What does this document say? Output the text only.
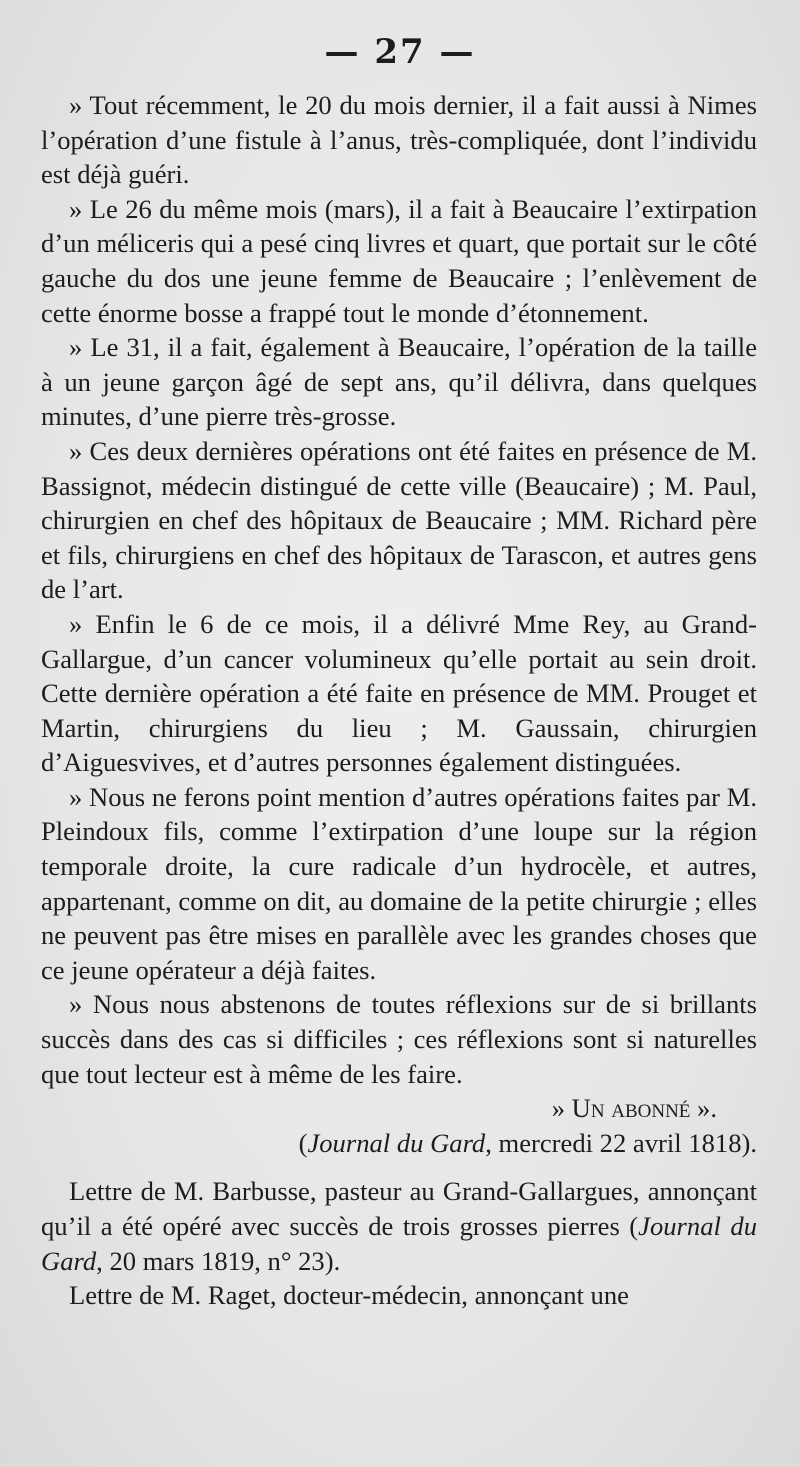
— 27 —

» Tout récemment, le 20 du mois dernier, il a fait aussi à Nimes l’opération d’une fistule à l’anus, très-compliquée, dont l’individu est déjà guéri.

» Le 26 du même mois (mars), il a fait à Beaucaire l’extirpation d’un méliceris qui a pesé cinq livres et quart, que portait sur le côté gauche du dos une jeune femme de Beaucaire ; l’enlèvement de cette énorme bosse a frappé tout le monde d’étonnement.

» Le 31, il a fait, également à Beaucaire, l’opération de la taille à un jeune garçon âgé de sept ans, qu’il délivra, dans quelques minutes, d’une pierre très-grosse.

» Ces deux dernières opérations ont été faites en présence de M. Bassignot, médecin distingué de cette ville (Beaucaire) ; M. Paul, chirurgien en chef des hôpitaux de Beaucaire ; MM. Richard père et fils, chirurgiens en chef des hôpitaux de Tarascon, et autres gens de l’art.

» Enfin le 6 de ce mois, il a délivré Mme Rey, au Grand-Gallargue, d’un cancer volumineux qu’elle portait au sein droit. Cette dernière opération a été faite en présence de MM. Prouget et Martin, chirurgiens du lieu ; M. Gaussain, chirurgien d’Aiguesvives, et d’autres personnes également distinguées.

» Nous ne ferons point mention d’autres opérations faites par M. Pleindoux fils, comme l’extirpation d’une loupe sur la région temporale droite, la cure radicale d’un hydrocèle, et autres, appartenant, comme on dit, au domaine de la petite chirurgie ; elles ne peuvent pas être mises en parallèle avec les grandes choses que ce jeune opérateur a déjà faites.

» Nous nous abstenons de toutes réflexions sur de si brillants succès dans des cas si difficiles ; ces réflexions sont si naturelles que tout lecteur est à même de les faire.

» Un abonné ».

(Journal du Gard, mercredi 22 avril 1818).

Lettre de M. Barbusse, pasteur au Grand-Gallargues, annonçant qu’il a été opéré avec succès de trois grosses pierres (Journal du Gard, 20 mars 1819, n° 23).

Lettre de M. Raget, docteur-médecin, annonçant une
